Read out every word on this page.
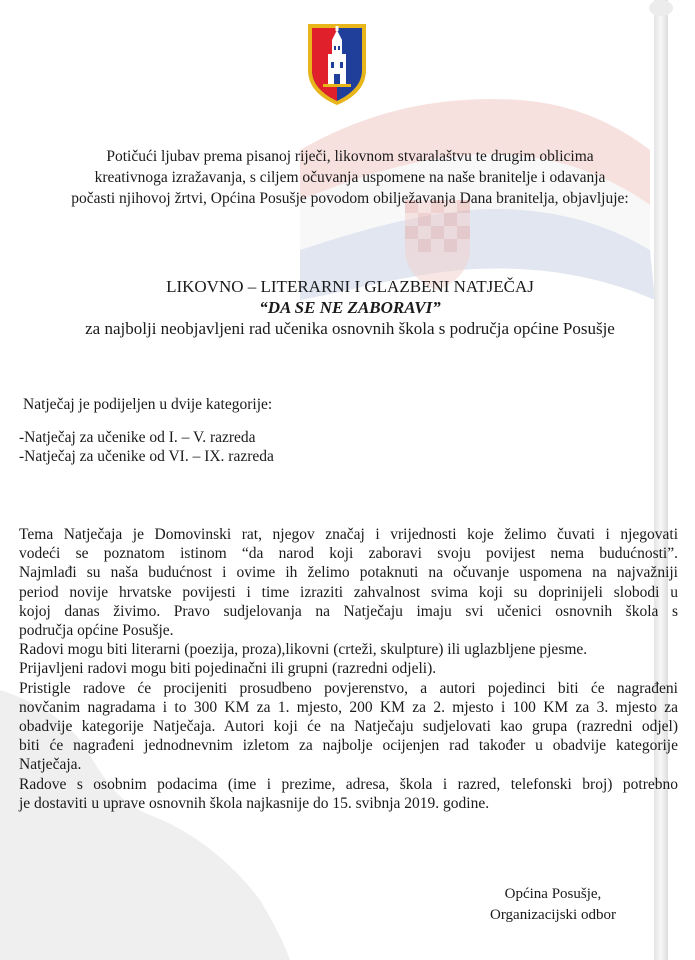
Potičući ljubav prema pisanoj riječi, likovnom stvaralaštvu te drugim oblicima
kreativnoga izražavanja, s ciljem očuvanja uspomene na naše branitelje i odavanja
počasti njihovoj žrtvi, Općina Posušje povodom obilježavanja Dana branitelja, objavljuje:
LIKOVNO – LITERARNI I GLAZBENI NATJEČAJ
“DA SE NE ZABORAVI”
za najbolji neobjavljeni rad učenika osnovnih škola s područja općine Posušje
Natječaj je podijeljen u dvije kategorije:
-Natječaj za učenike od I. – V. razreda
-Natječaj za učenike od VI. – IX. razreda
Tema Natječaja je Domovinski rat, njegov značaj i vrijednosti koje želimo čuvati i njegovati
vodeći se poznatom istinom “da narod koji zaboravi svoju povijest nema budućnosti”.
Najmlađi su naša budućnost i ovime ih želimo potaknuti na očuvanje uspomena na najvažniji
period novije hrvatske povijesti i time izraziti zahvalnost svima koji su doprinijeli slobodi u
kojoj danas živimo. Pravo sudjelovanja na Natječaju imaju svi učenici osnovnih škola s
područja općine Posušje.
Radovi mogu biti literarni (poezija, proza),likovni (crteži, skulpture) ili uglazbljene pjesme.
Prijavljeni radovi mogu biti pojedinačni ili grupni (razredni odjeli).
Pristigle radove će procijeniti prosudbeno povjerenstvo, a autori pojedinci biti će nagrađeni
novčanim nagradama i to 300 KM za 1. mjesto, 200 KM za 2. mjesto i 100 KM za 3. mjesto za
obadvije kategorije Natječaja. Autori koji će na Natječaju sudjelovati kao grupa (razredni odjel)
biti će nagrađeni jednodnevnim izletom za najbolje ocijenjen rad također u obadvije kategorije
Natječaja.
Radove s osobnim podacima (ime i prezime, adresa, škola i razred, telefonski broj) potrebno
je dostaviti u uprave osnovnih škola najkasnije do 15. svibnja 2019. godine.
Općina Posušje,
Organizacijski odbor
